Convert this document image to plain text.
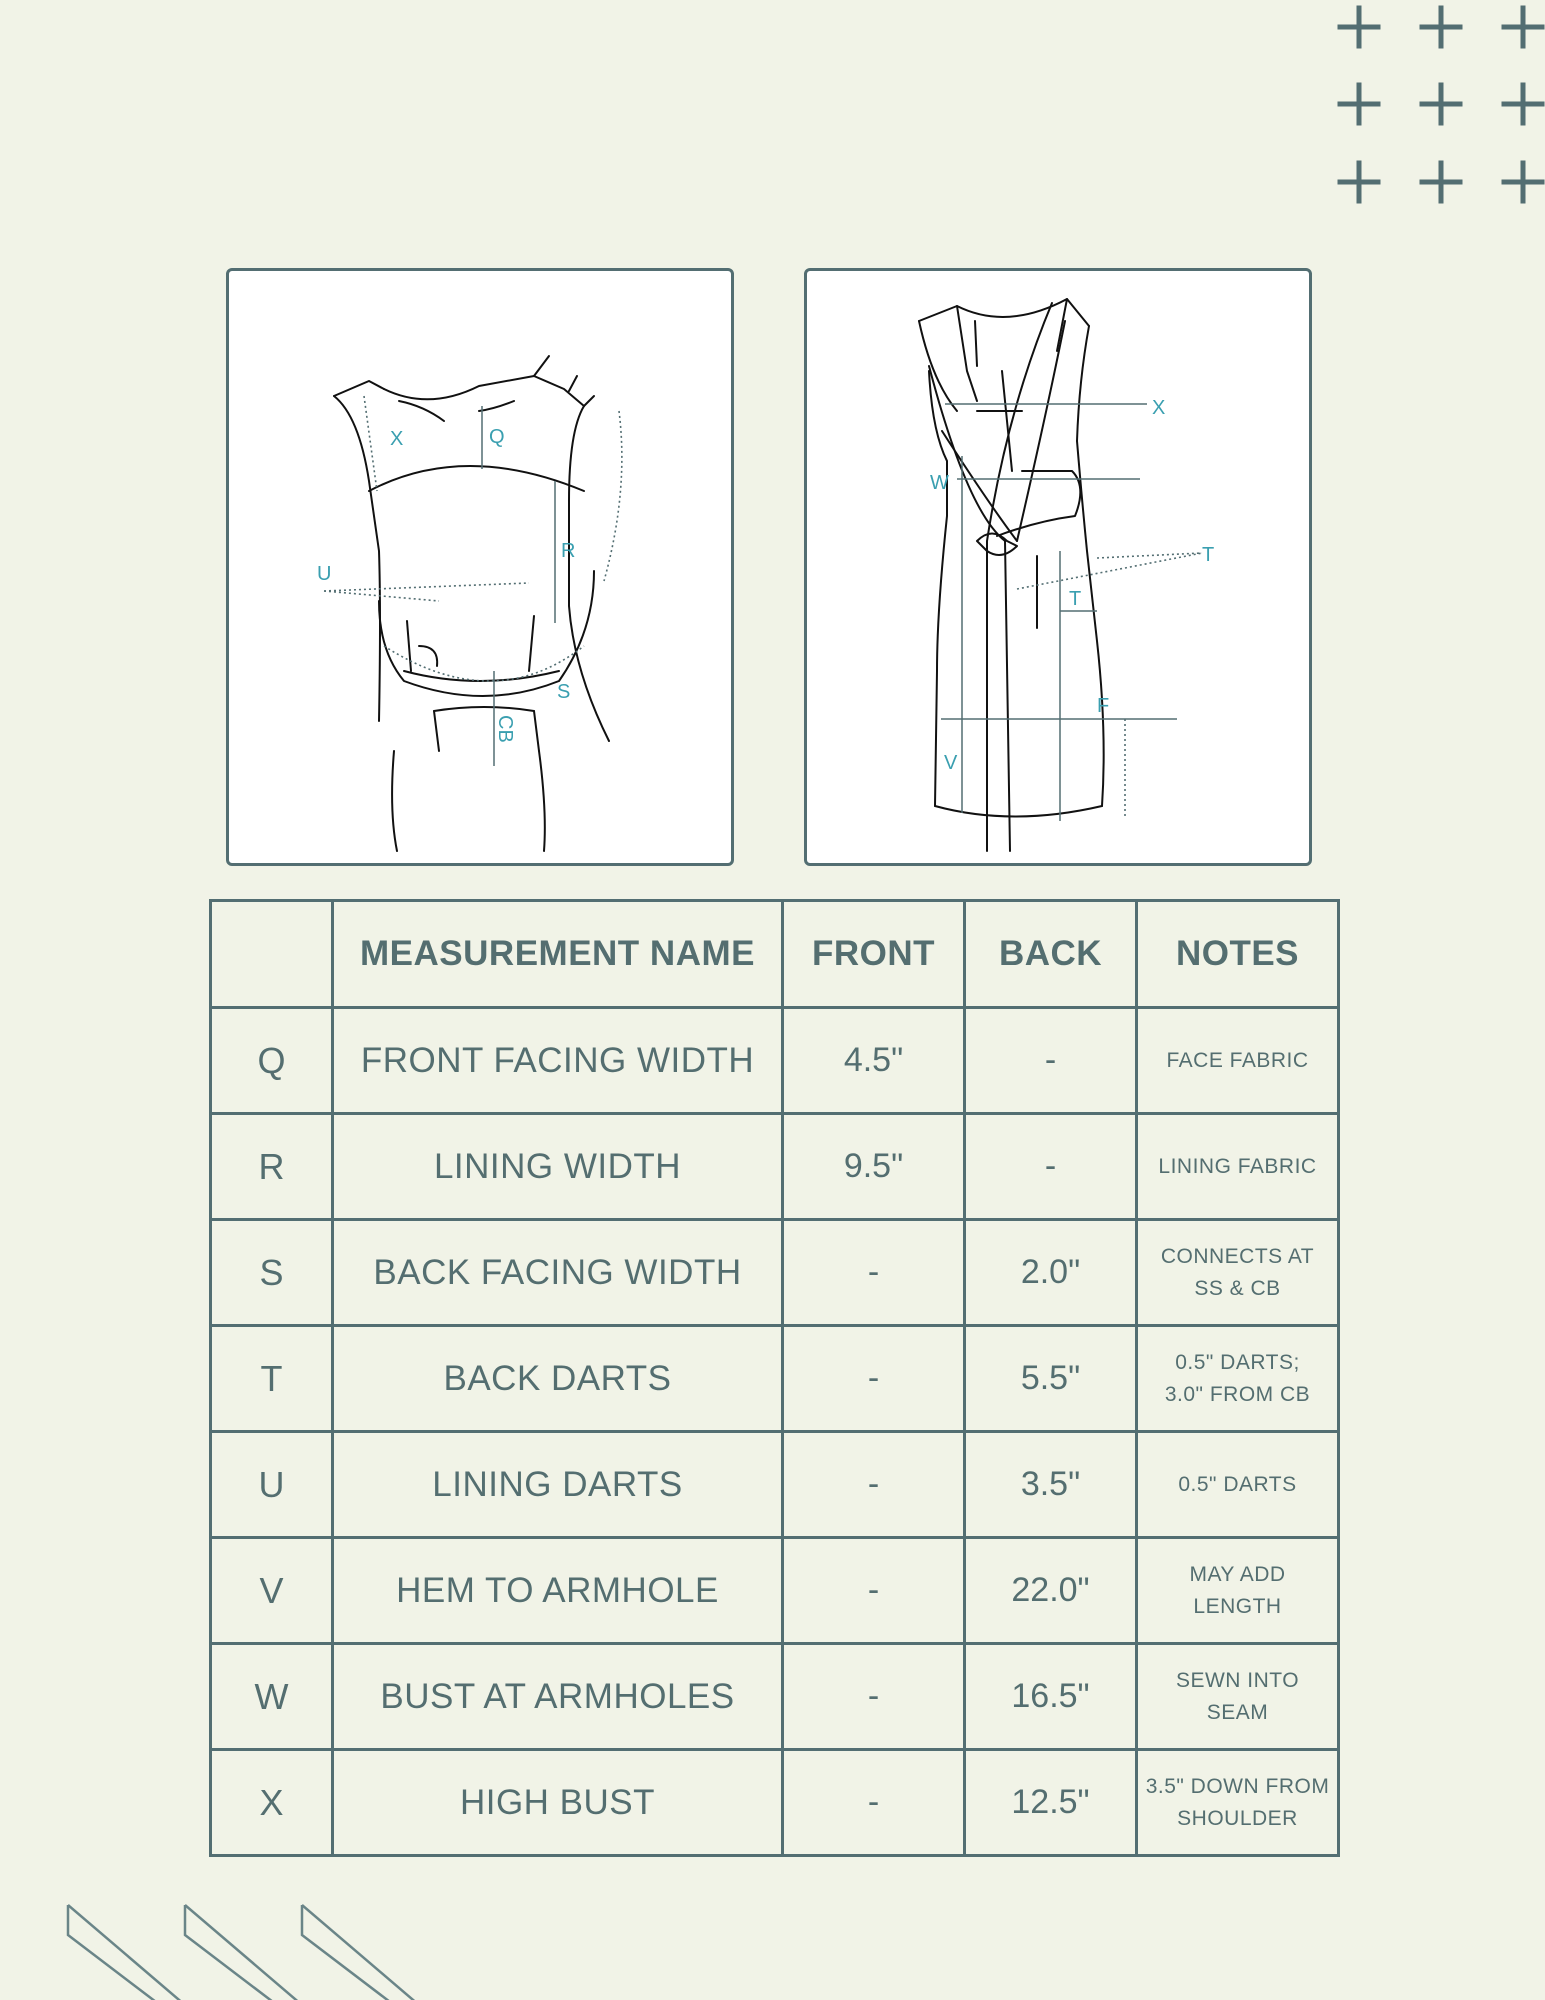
X	Q
R
U
S
CB
X
W
T
T
F
V
	MEASUREMENT NAME	FRONT	BACK	NOTES
Q	FRONT FACING WIDTH	4.5"	-	FACE FABRIC

R	LINING WIDTH	9.5"	-	LINING FABRIC

S	BACK FACING WIDTH	-	2.0"	CONNECTS AT
SS & CB

T	BACK DARTS	-	5.5"	0.5" DARTS;
3.0" FROM CB

U	LINING DARTS	-	3.5"	0.5" DARTS

V	HEM TO ARMHOLE	-	22.0"	MAY ADD
LENGTH

W	BUST AT ARMHOLES	-	16.5"	SEWN INTO
SEAM

X	HIGH BUST	-	12.5"	3.5" DOWN FROM
SHOULDER
